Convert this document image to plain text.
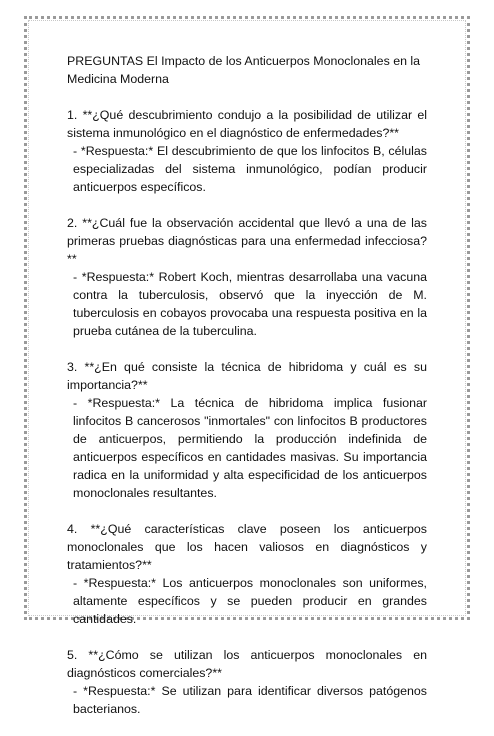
PREGUNTAS El Impacto de los Anticuerpos Monoclonales en la Medicina Moderna

1. **¿Qué descubrimiento condujo a la posibilidad de utilizar el sistema inmunológico en el diagnóstico de enfermedades?**
- *Respuesta:* El descubrimiento de que los linfocitos B, células especializadas del sistema inmunológico, podían producir anticuerpos específicos.
2. **¿Cuál fue la observación accidental que llevó a una de las primeras pruebas diagnósticas para una enfermedad infecciosa?**
- *Respuesta:* Robert Koch, mientras desarrollaba una vacuna contra la tuberculosis, observó que la inyección de M. tuberculosis en cobayos provocaba una respuesta positiva en la prueba cutánea de la tuberculina.
3. **¿En qué consiste la técnica de hibridoma y cuál es su importancia?**
- *Respuesta:* La técnica de hibridoma implica fusionar linfocitos B cancerosos "inmortales" con linfocitos B productores de anticuerpos, permitiendo la producción indefinida de anticuerpos específicos en cantidades masivas. Su importancia radica en la uniformidad y alta especificidad de los anticuerpos monoclonales resultantes.
4. **¿Qué características clave poseen los anticuerpos monoclonales que los hacen valiosos en diagnósticos y tratamientos?**
- *Respuesta:* Los anticuerpos monoclonales son uniformes, altamente específicos y se pueden producir en grandes cantidades.
5. **¿Cómo se utilizan los anticuerpos monoclonales en diagnósticos comerciales?**
- *Respuesta:* Se utilizan para identificar diversos patógenos bacterianos.
